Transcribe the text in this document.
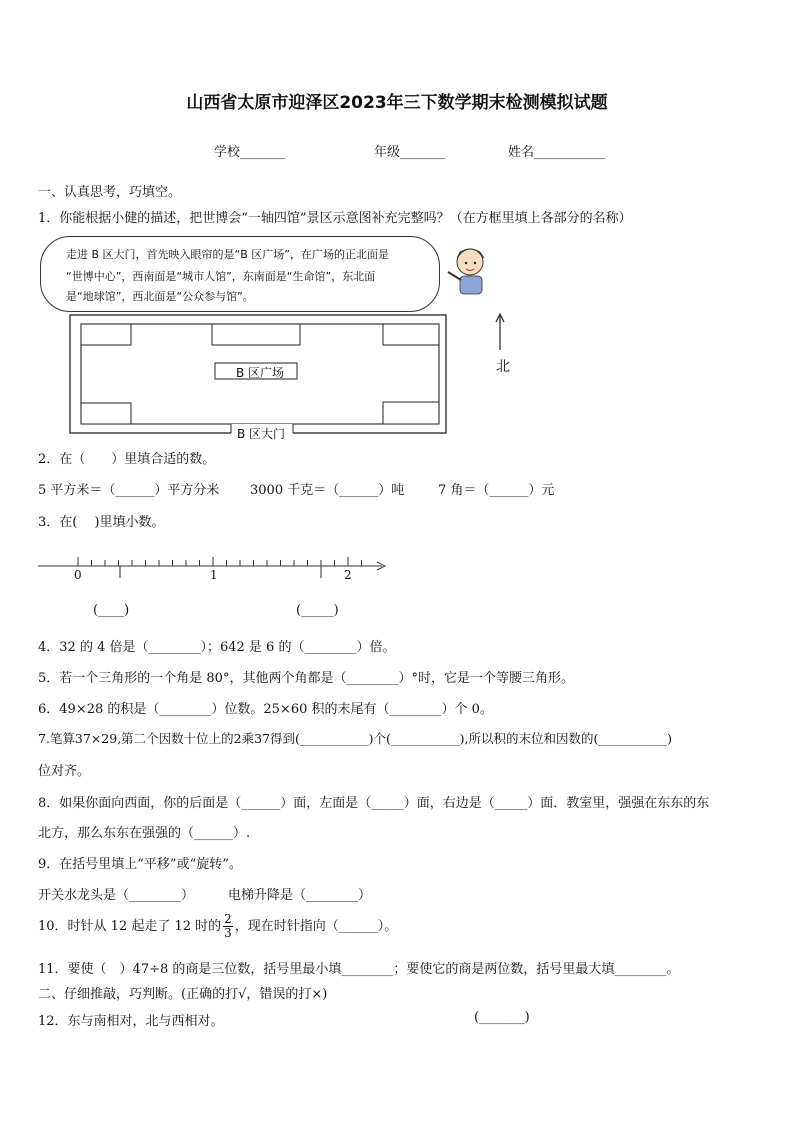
山西省太原市迎泽区2023年三下数学期末检测模拟试题
学校_______	年级_______	姓名___________
一、认真思考，巧填空。
1．你能根据小健的描述，把世博会“一轴四馆”景区示意图补充完整吗？（在方框里填上各部分的名称）
走进 B 区大门，首先映入眼帘的是“B 区广场”，在广场的正北面是
“世博中心”，西南面是“城市人馆”，东南面是“生命馆”，东北面
是“地球馆”，西北面是“公众参与馆”。
B 区广场
B 区大门
北
2．在（　　）里填合适的数。
5 平方米＝（______）平方分米 3000 千克＝（______）吨	7 角＝（______）元
3．在(　 )里填小数。
0	1	2
(____)	(_____)
4．32 的 4 倍是（________）；642 是 6 的（________）倍。
5．若一个三角形的一个角是 80°，其他两个角都是（________）°时，它是一个等腰三角形。
6．49×28 的积是（________）位数。25×60 积的末尾有（________）个 0。
7.笔算37×29,第二个因数十位上的2乘37得到(___________)个(___________),所以积的末位和因数的(___________)
位对齐。
8．如果你面向西面，你的后面是（______）面，左面是（_____）面，右边是（_____）面．教室里，强强在东东的东
北方，那么东东在强强的（______）.
9．在括号里填上“平移”或“旋转”。
开关水龙头是（________）	电梯升降是（________）
10．时针从 12 起走了 12 时的 $\frac{2}{3}$ ，现在时针指向（______）。
11．要使（　）47÷8 的商是三位数，括号里最小填________；要使它的商是两位数，括号里最大填________。
二、仔细推敲，巧判断。(正确的打√，错误的打×)
12．东与南相对，北与西相对。	(_______)
